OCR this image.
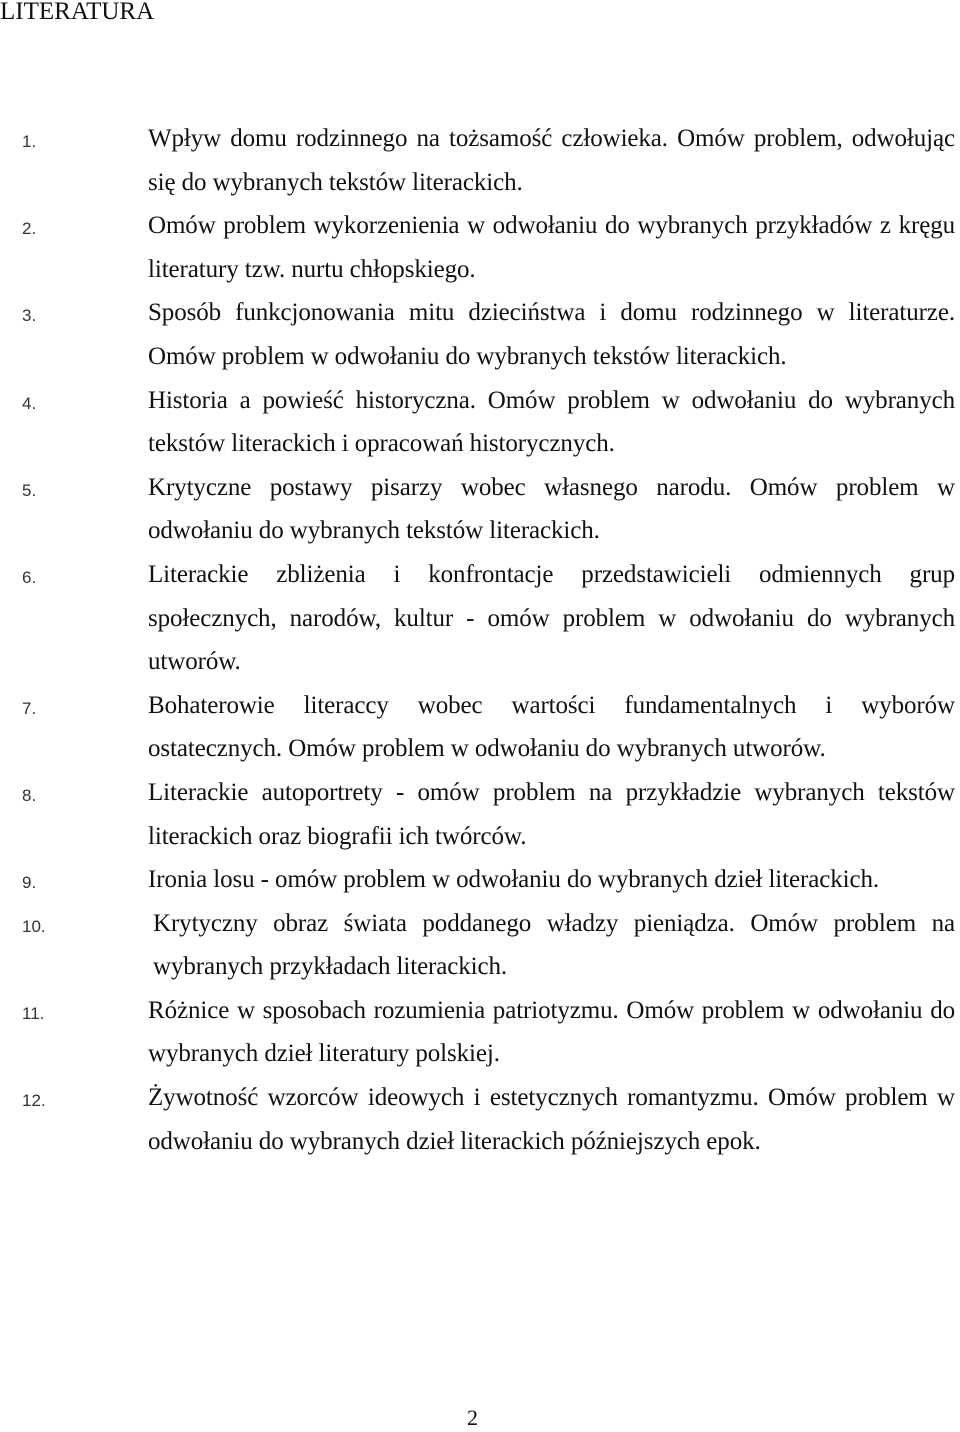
LITERATURA
1.	Wpływ domu rodzinnego na tożsamość człowieka. Omów problem, odwołując się do wybranych tekstów literackich.
2.	Omów problem wykorzenienia w odwołaniu do wybranych przykładów z kręgu literatury tzw. nurtu chłopskiego.
3.	Sposób funkcjonowania mitu dzieciństwa i domu rodzinnego w literaturze. Omów problem w odwołaniu do wybranych tekstów literackich.
4.	Historia a powieść historyczna. Omów problem w odwołaniu do wybranych tekstów literackich i opracowań historycznych.
5.	Krytyczne postawy pisarzy wobec własnego narodu. Omów problem w odwołaniu do wybranych tekstów literackich.
6.	Literackie zbliżenia i konfrontacje przedstawicieli odmiennych grup społecznych, narodów, kultur - omów problem w odwołaniu do wybranych utworów.
7.	Bohaterowie literaccy wobec wartości fundamentalnych i wyborów ostatecznych. Omów problem w odwołaniu do wybranych utworów.
8.	Literackie autoportrety - omów problem na przykładzie wybranych tekstów literackich oraz biografii ich twórców.
9.	Ironia losu - omów problem w odwołaniu do wybranych dzieł literackich.
10.	Krytyczny obraz świata poddanego władzy pieniądza. Omów problem na wybranych przykładach literackich.
11.	Różnice w sposobach rozumienia patriotyzmu. Omów problem w odwołaniu do wybranych dzieł literatury polskiej.
12.	Żywotność wzorców ideowych i estetycznych romantyzmu. Omów problem w odwołaniu do wybranych dzieł literackich późniejszych epok.
2
